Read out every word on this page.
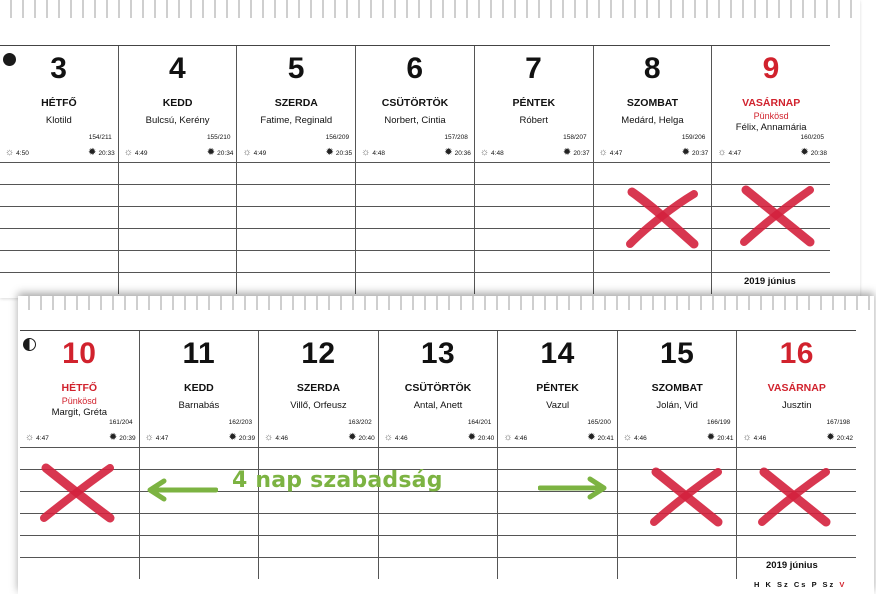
3
HÉTFŐ
Klotild
154/211
☼ 4:50	✹ 20:33
4
KEDD
Bulcsú, Kerény
155/210
☼ 4:49	✹ 20:34
5
SZERDA
Fatime, Reginald
156/209
☼ 4:49	✹ 20:35
6
CSÜTÖRTÖK
Norbert, Cintia
157/208
☼ 4:48	✹ 20:36
7
PÉNTEK
Róbert
158/207
☼ 4:48	✹ 20:37
8
SZOMBAT
Medárd, Helga
159/206
☼ 4:47	✹ 20:37
9
VASÁRNAP
Pünkösd
Félix, Annamária
160/205
☼ 4:47	✹ 20:38
2019 június
10
HÉTFŐ
Pünkösd
Margit, Gréta
161/204
☼ 4:47	✹ 20:39
11
KEDD
Barnabás
162/203
☼ 4:47	✹ 20:39
12
SZERDA
Villő, Orfeusz
163/202
☼ 4:46	✹ 20:40
13
CSÜTÖRTÖK
Antal, Anett
164/201
☼ 4:46	✹ 20:40
14
PÉNTEK
Vazul
165/200
☼ 4:46	✹ 20:41
15
SZOMBAT
Jolán, Vid
166/199
☼ 4:46	✹ 20:41
16
VASÁRNAP
Jusztin
167/198
☼ 4:46	✹ 20:42
2019 június
H K Sz Cs P Sz V
4 nap szabadság
